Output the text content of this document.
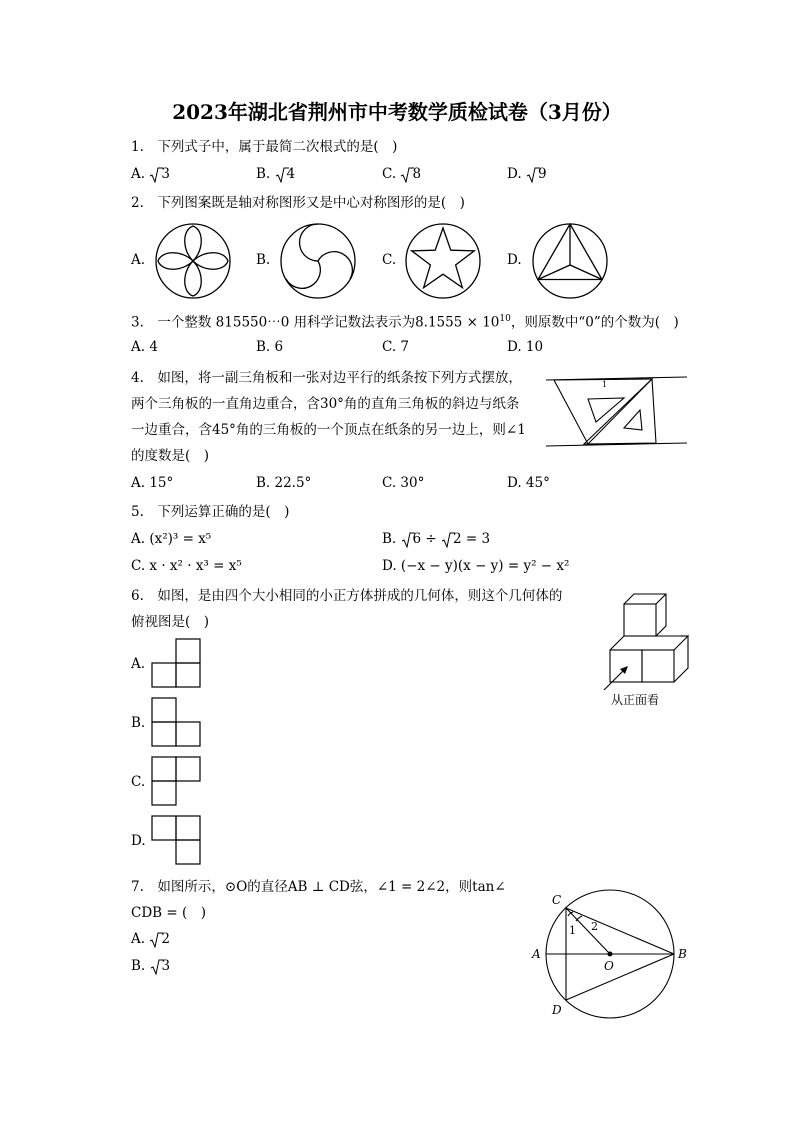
2023年湖北省荆州市中考数学质检试卷（3月份）
1.　下列式子中，属于最简二次根式的是(　)
A. 3	B. 4	C. 8	D. 9
2.　下列图案既是轴对称图形又是中心对称图形的是(　)
A.	B.	C.	D.
3.　一个整数 815550⋯0 用科学记数法表示为$8.1555 \times 10^{10}$，则原数中“0”的个数为(　)
A. 4	B. 6	C. 7	D. 10
4.　如图，将一副三角板和一张对边平行的纸条按下列方式摆放，
两个三角板的一直角边重合，含30°角的直角三角板的斜边与纸条
一边重合，含45°角的三角板的一个顶点在纸条的另一边上，则∠1
的度数是(　)
1
A. 15°	B. 22.5°	C. 30°	D. 45°
5.　下列运算正确的是(　)
A. (x²)³ = x⁵	B. 6 ÷ 2 = 3
C. x · x² · x³ = x⁵	D. (−x − y)(x − y) = y² − x²
6.　如图，是由四个大小相同的小正方体拼成的几何体，则这个几何体的
俯视图是(　)
A.
B.
C.
D.
从正面看
7.　如图所示，⊙O的直径AB ⊥ CD弦，∠1 = 2∠2，则tan∠
CDB = (　)
A. 2
B. 3
C
A	B
D
O
1 2
